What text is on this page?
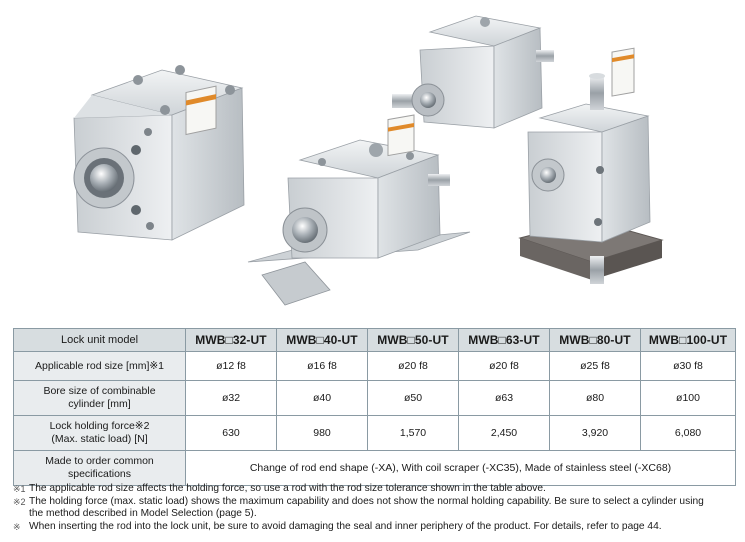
Lock unit model	MWB□32-UT	MWB□40-UT	MWB□50-UT	MWB□63-UT	MWB□80-UT	MWB□100-UT
Applicable rod size [mm]※1	ø12 f8	ø16 f8	ø20 f8	ø20 f8	ø25 f8	ø30 f8
Bore size of combinable
cylinder [mm]	ø32	ø40	ø50	ø63	ø80	ø100
Lock holding force※2
(Max. static load) [N]	630	980	1,570	2,450	3,920	6,080
Made to order common
specifications	Change of rod end shape (-XA), With coil scraper (-XC35), Made of stainless steel (-XC68)					
※1 The applicable rod size affects the holding force, so use a rod with the rod size tolerance shown in the table above.
※2 The holding force (max. static load) shows the maximum capability and does not show the normal holding capability. Be sure to select a cylinder using
the method described in Model Selection (page 5).
※ When inserting the rod into the lock unit, be sure to avoid damaging the seal and inner periphery of the product. For details, refer to page 44.
